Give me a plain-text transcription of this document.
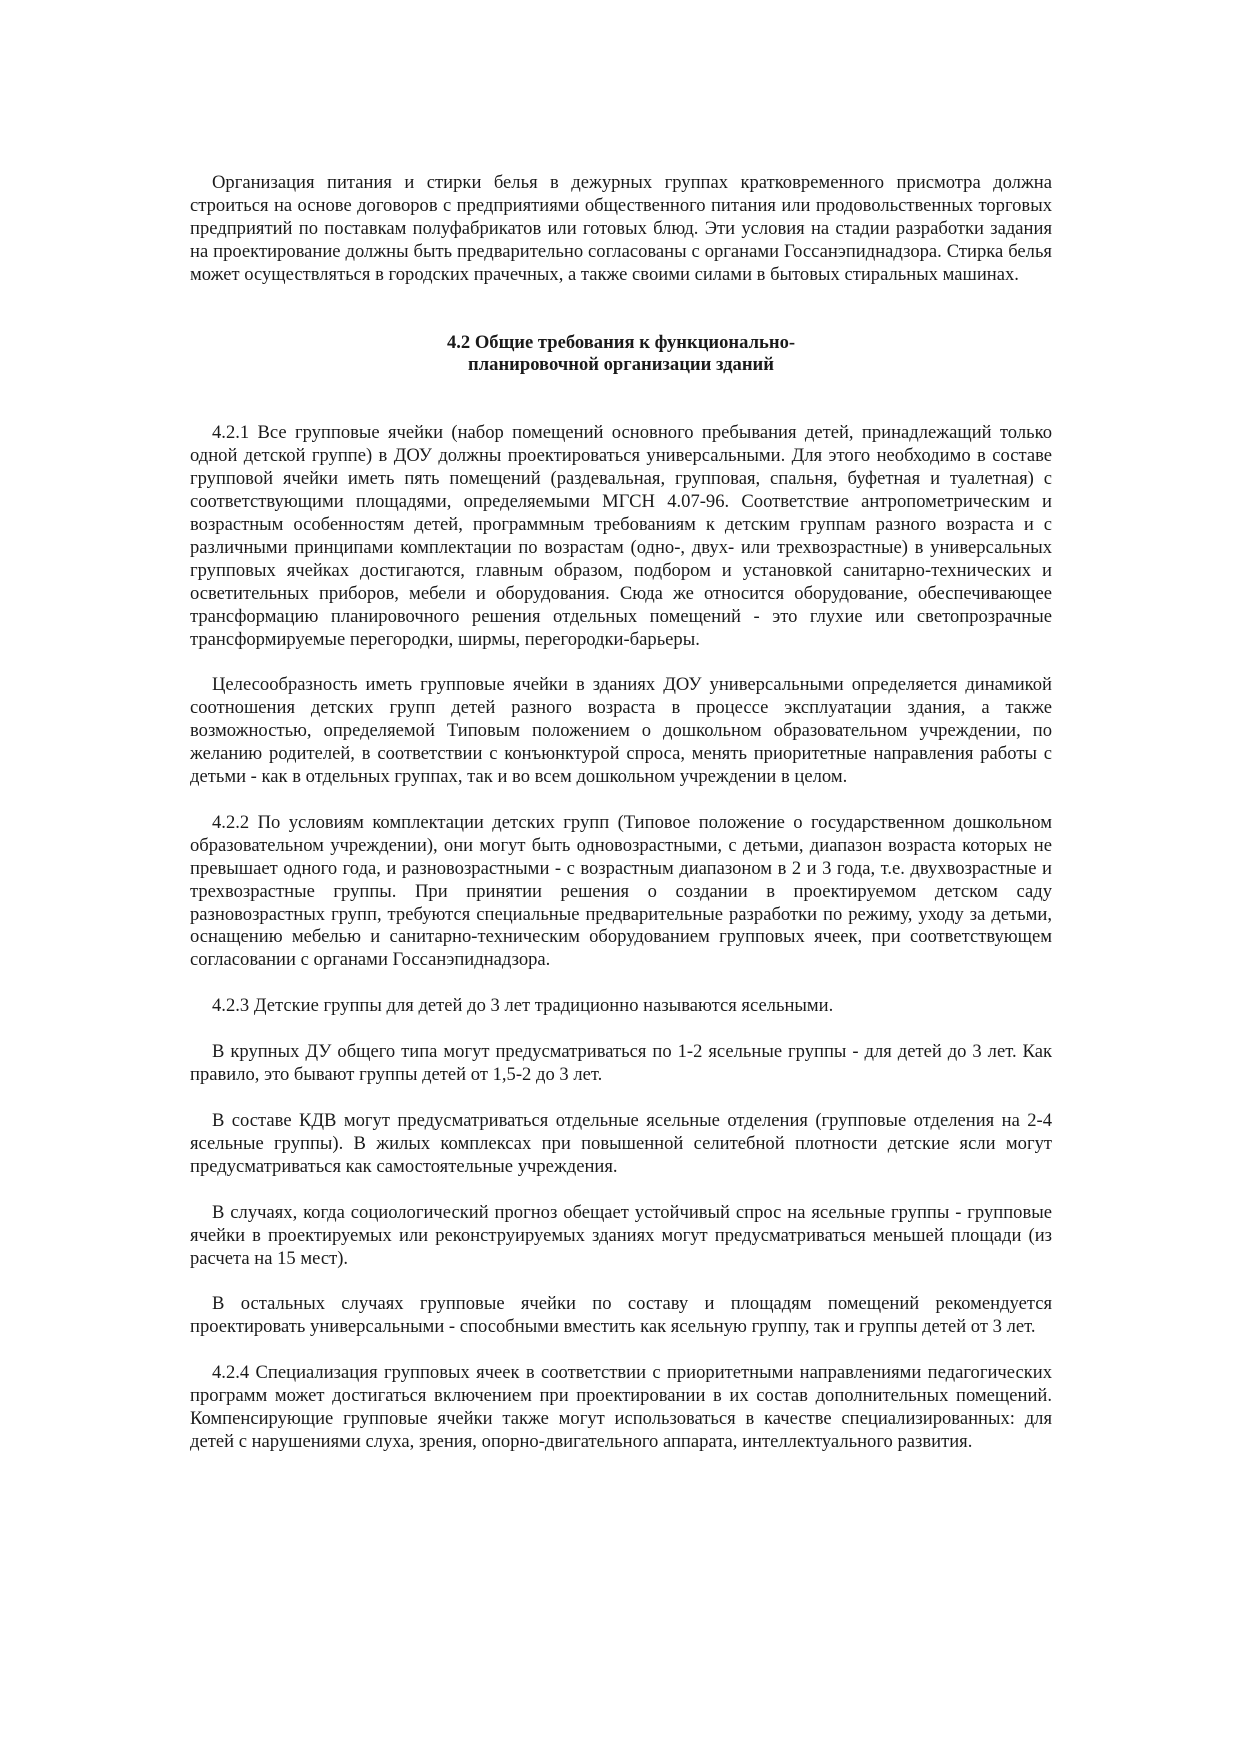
Организация питания и стирки белья в дежурных группах кратковременного присмотра должна строиться на основе договоров с предприятиями общественного питания или продовольственных торговых предприятий по поставкам полуфабрикатов или готовых блюд. Эти условия на стадии разработки задания на проектирование должны быть предварительно согласованы с органами Госсанэпиднадзора. Стирка белья может осуществляться в городских прачечных, а также своими силами в бытовых стиральных машинах.

4.2 Общие требования к функционально-

планировочной организации зданий

4.2.1 Все групповые ячейки (набор помещений основного пребывания детей, принадлежащий только одной детской группе) в ДОУ должны проектироваться универсальными. Для этого необходимо в составе групповой ячейки иметь пять помещений (раздевальная, групповая, спальня, буфетная и туалетная) с соответствующими площадями, определяемыми МГСН 4.07-96. Соответствие антропометрическим и возрастным особенностям детей, программным требованиям к детским группам разного возраста и с различными принципами комплектации по возрастам (одно-, двух- или трехвозрастные) в универсальных групповых ячейках достигаются, главным образом, подбором и установкой санитарно-технических и осветительных приборов, мебели и оборудования. Сюда же относится оборудование, обеспечивающее трансформацию планировочного решения отдельных помещений - это глухие или светопрозрачные трансформируемые перегородки, ширмы, перегородки-барьеры.

Целесообразность иметь групповые ячейки в зданиях ДОУ универсальными определяется динамикой соотношения детских групп детей разного возраста в процессе эксплуатации здания, а также возможностью, определяемой Типовым положением о дошкольном образовательном учреждении, по желанию родителей, в соответствии с конъюнктурой спроса, менять приоритетные направления работы с детьми - как в отдельных группах, так и во всем дошкольном учреждении в целом.

4.2.2 По условиям комплектации детских групп (Типовое положение о государственном дошкольном образовательном учреждении), они могут быть одновозрастными, с детьми, диапазон возраста которых не превышает одного года, и разновозрастными - с возрастным диапазоном в 2 и 3 года, т.е. двухвозрастные и трехвозрастные группы. При принятии решения о создании в проектируемом детском саду разновозрастных групп, требуются специальные предварительные разработки по режиму, уходу за детьми, оснащению мебелью и санитарно-техническим оборудованием групповых ячеек, при соответствующем согласовании с органами Госсанэпиднадзора.

4.2.3 Детские группы для детей до 3 лет традиционно называются ясельными.

В крупных ДУ общего типа могут предусматриваться по 1-2 ясельные группы - для детей до 3 лет. Как правило, это бывают группы детей от 1,5-2 до 3 лет.

В составе КДВ могут предусматриваться отдельные ясельные отделения (групповые отделения на 2-4 ясельные группы). В жилых комплексах при повышенной селитебной плотности детские ясли могут предусматриваться как самостоятельные учреждения.

В случаях, когда социологический прогноз обещает устойчивый спрос на ясельные группы - групповые ячейки в проектируемых или реконструируемых зданиях могут предусматриваться меньшей площади (из расчета на 15 мест).

В остальных случаях групповые ячейки по составу и площадям помещений рекомендуется проектировать универсальными - способными вместить как ясельную группу, так и группы детей от 3 лет.

4.2.4 Специализация групповых ячеек в соответствии с приоритетными направлениями педагогических программ может достигаться включением при проектировании в их состав дополнительных помещений. Компенсирующие групповые ячейки также могут использоваться в качестве специализированных: для детей с нарушениями слуха, зрения, опорно-двигательного аппарата, интеллектуального развития.
